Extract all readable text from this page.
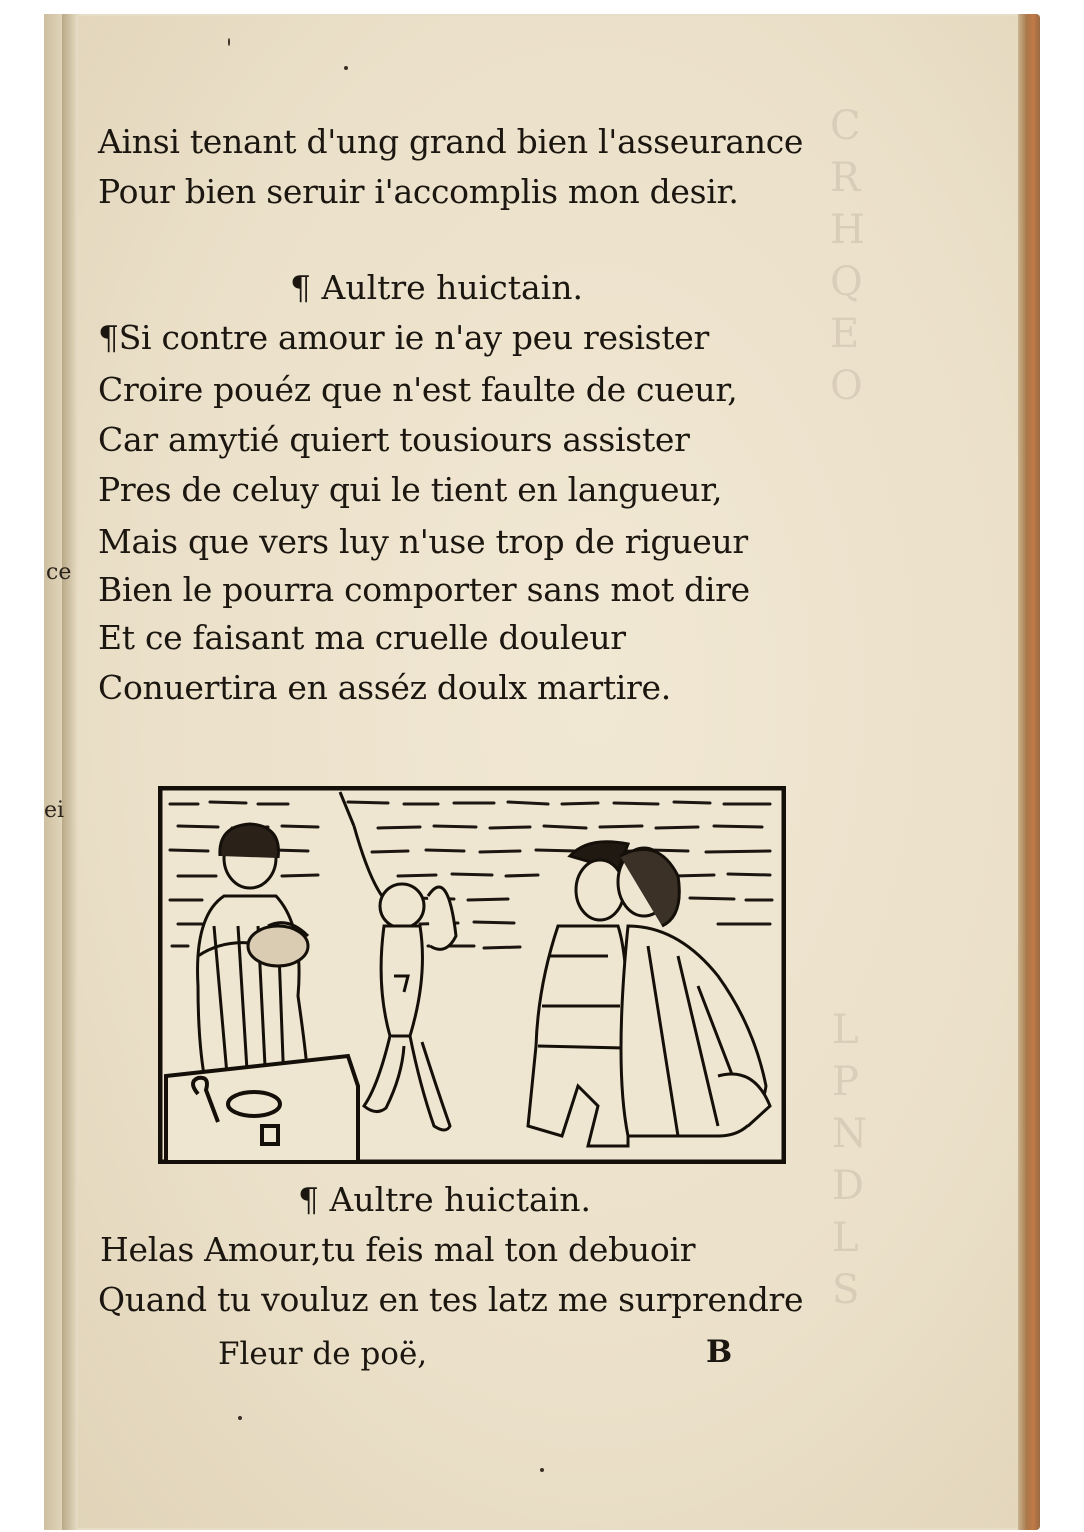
C
R
H
Q
E
O
L
P
N
D
L
S
ce
ei
Ainsi tenant d'ung grand bien l'asseurance
Pour bien seruir i'accomplis mon desir.
¶ Aultre huictain.
¶Si contre amour ie n'ay peu resister
Croire pouéz que n'est faulte de cueur,
Car amytié quiert tousiours assister
Pres de celuy qui le tient en langueur,
Mais que vers luy n'use trop de rigueur
Bien le pourra comporter sans mot dire
Et ce faisant ma cruelle douleur
Conuertira en asséz doulx martire.
¶ Aultre huictain.
Helas Amour,tu feis mal ton debuoir
Quand tu vouluz en tes latz me surprendre
Fleur de poë,	B
